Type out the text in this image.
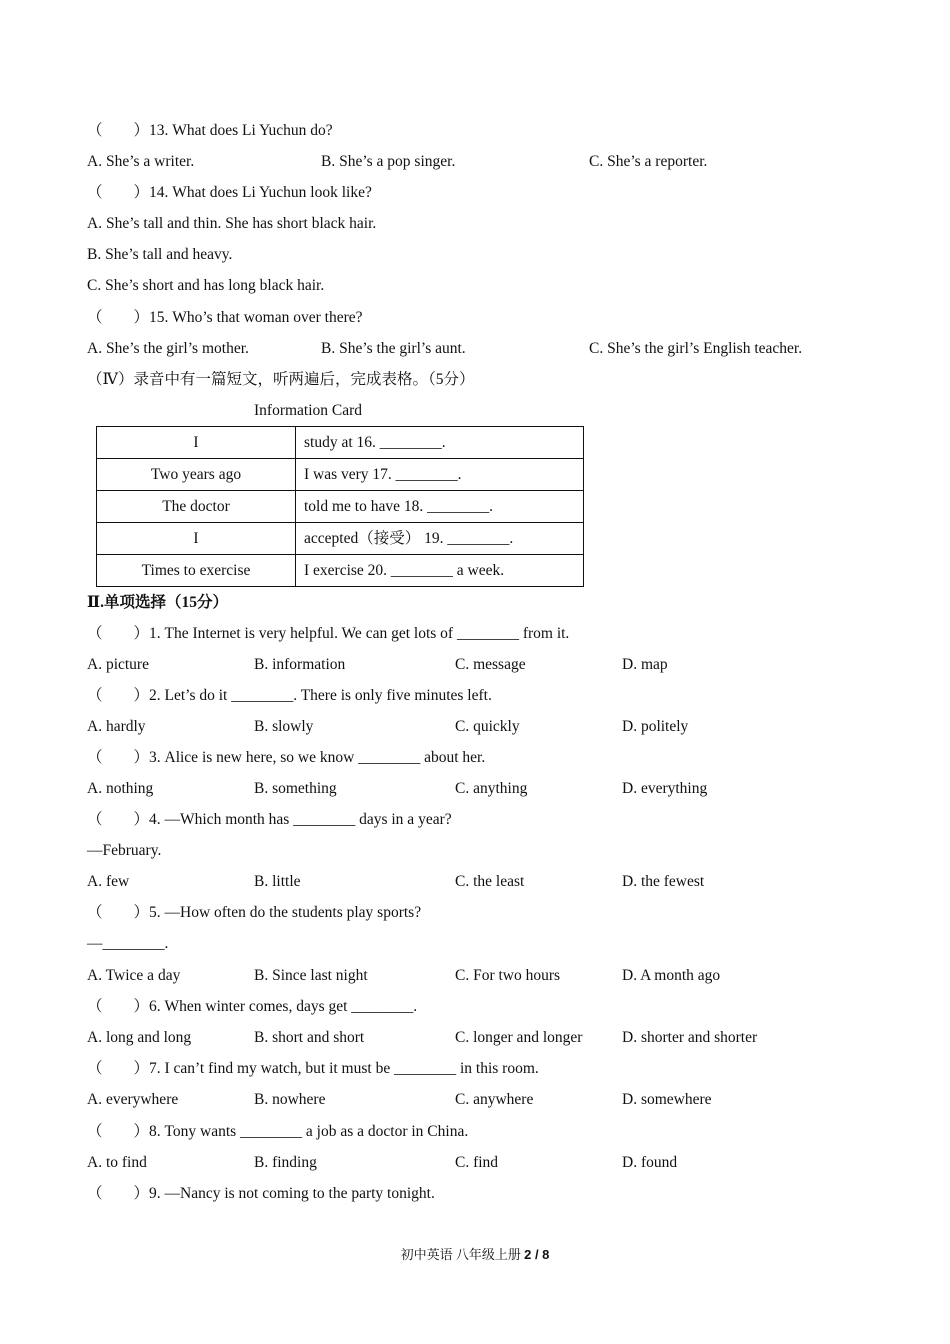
（　　）13. What does Li Yuchun do?
A. She’s a writer.	B. She’s a pop singer.	C. She’s a reporter.
（　　）14. What does Li Yuchun look like?
A. She’s tall and thin. She has short black hair.
B. She’s tall and heavy.
C. She’s short and has long black hair.
（　　）15. Who’s that woman over there?
A. She’s the girl’s mother.	B. She’s the girl’s aunt.	C. She’s the girl’s English teacher.
（Ⅳ）录音中有一篇短文，听两遍后，完成表格。（5分）
Information Card
I	study at 16. ________.
Two years ago	I was very 17. ________.
The doctor	told me to have 18. ________.
I	accepted（接受） 19. ________.
Times to exercise	I exercise 20. ________ a week.
Ⅱ.单项选择（15分）
（　　）1. The Internet is very helpful. We can get lots of ________ from it.
A. picture	B. information	C. message	D. map
（　　）2. Let’s do it ________. There is only five minutes left.
A. hardly	B. slowly	C. quickly	D. politely
（　　）3. Alice is new here, so we know ________ about her.
A. nothing	B. something	C. anything	D. everything
（　　）4. —Which month has ________ days in a year?
—February.
A. few	B. little	C. the least	D. the fewest
（　　）5. —How often do the students play sports?
—________.
A. Twice a day	B. Since last night	C. For two hours	D. A month ago
（　　）6. When winter comes, days get ________.
A. long and long	B. short and short	C. longer and longer	D. shorter and shorter
（　　）7. I can’t find my watch, but it must be ________ in this room.
A. everywhere	B. nowhere	C. anywhere	D. somewhere
（　　）8. Tony wants ________ a job as a doctor in China.
A. to find	B. finding	C. find	D. found
（　　）9. —Nancy is not coming to the party tonight.
初中英语 八年级上册 2 / 8
